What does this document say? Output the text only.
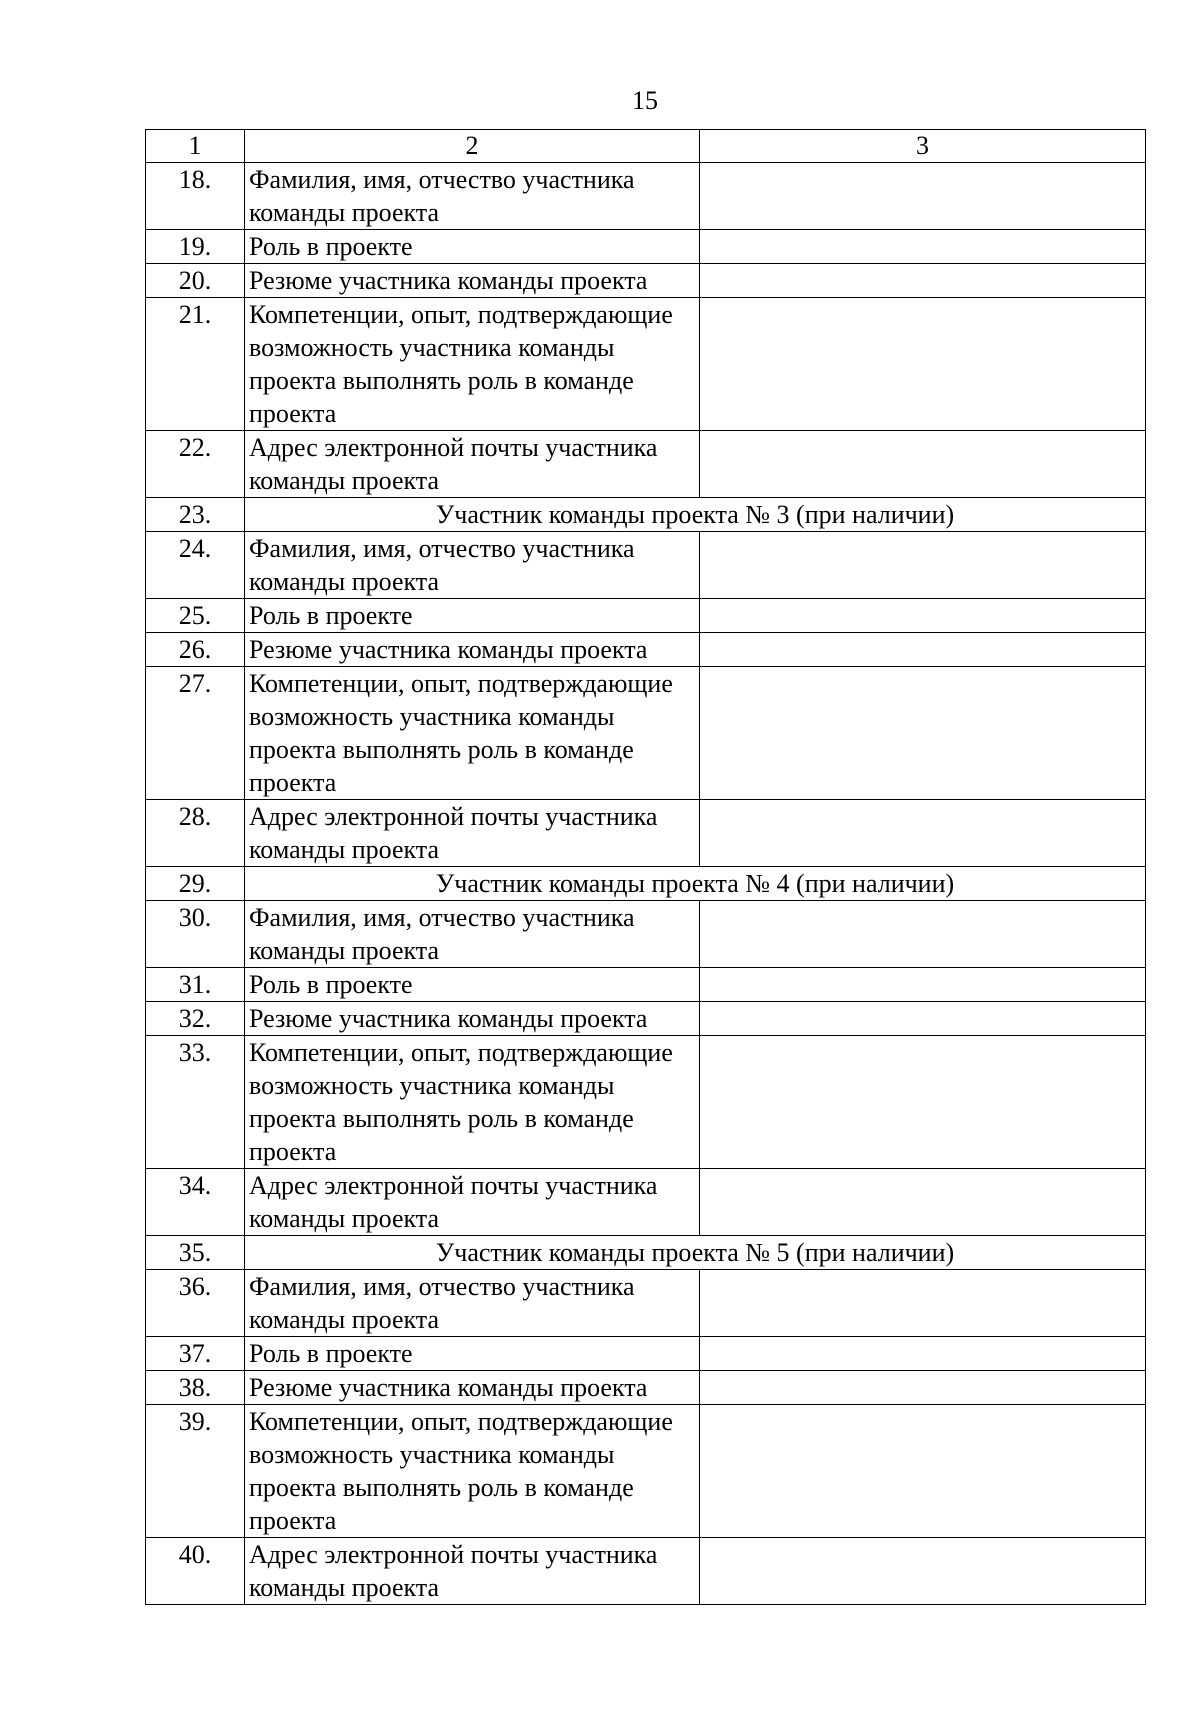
15
1	2	3
18.	Фамилия, имя, отчество участника команды проекта	
19.	Роль в проекте	
20.	Резюме участника команды проекта	
21.	Компетенции, опыт, подтверждающие возможность участника команды проекта выполнять роль в команде проекта	
22.	Адрес электронной почты участника команды проекта	
23.	Участник команды проекта № 3 (при наличии)	
24.	Фамилия, имя, отчество участника команды проекта	
25.	Роль в проекте	
26.	Резюме участника команды проекта	
27.	Компетенции, опыт, подтверждающие возможность участника команды проекта выполнять роль в команде проекта	
28.	Адрес электронной почты участника команды проекта	
29.	Участник команды проекта № 4 (при наличии)	
30.	Фамилия, имя, отчество участника команды проекта	
31.	Роль в проекте	
32.	Резюме участника команды проекта	
33.	Компетенции, опыт, подтверждающие возможность участника команды проекта выполнять роль в команде проекта	
34.	Адрес электронной почты участника команды проекта	
35.	Участник команды проекта № 5 (при наличии)	
36.	Фамилия, имя, отчество участника команды проекта	
37.	Роль в проекте	
38.	Резюме участника команды проекта	
39.	Компетенции, опыт, подтверждающие возможность участника команды проекта выполнять роль в команде проекта	
40.	Адрес электронной почты участника команды проекта	
